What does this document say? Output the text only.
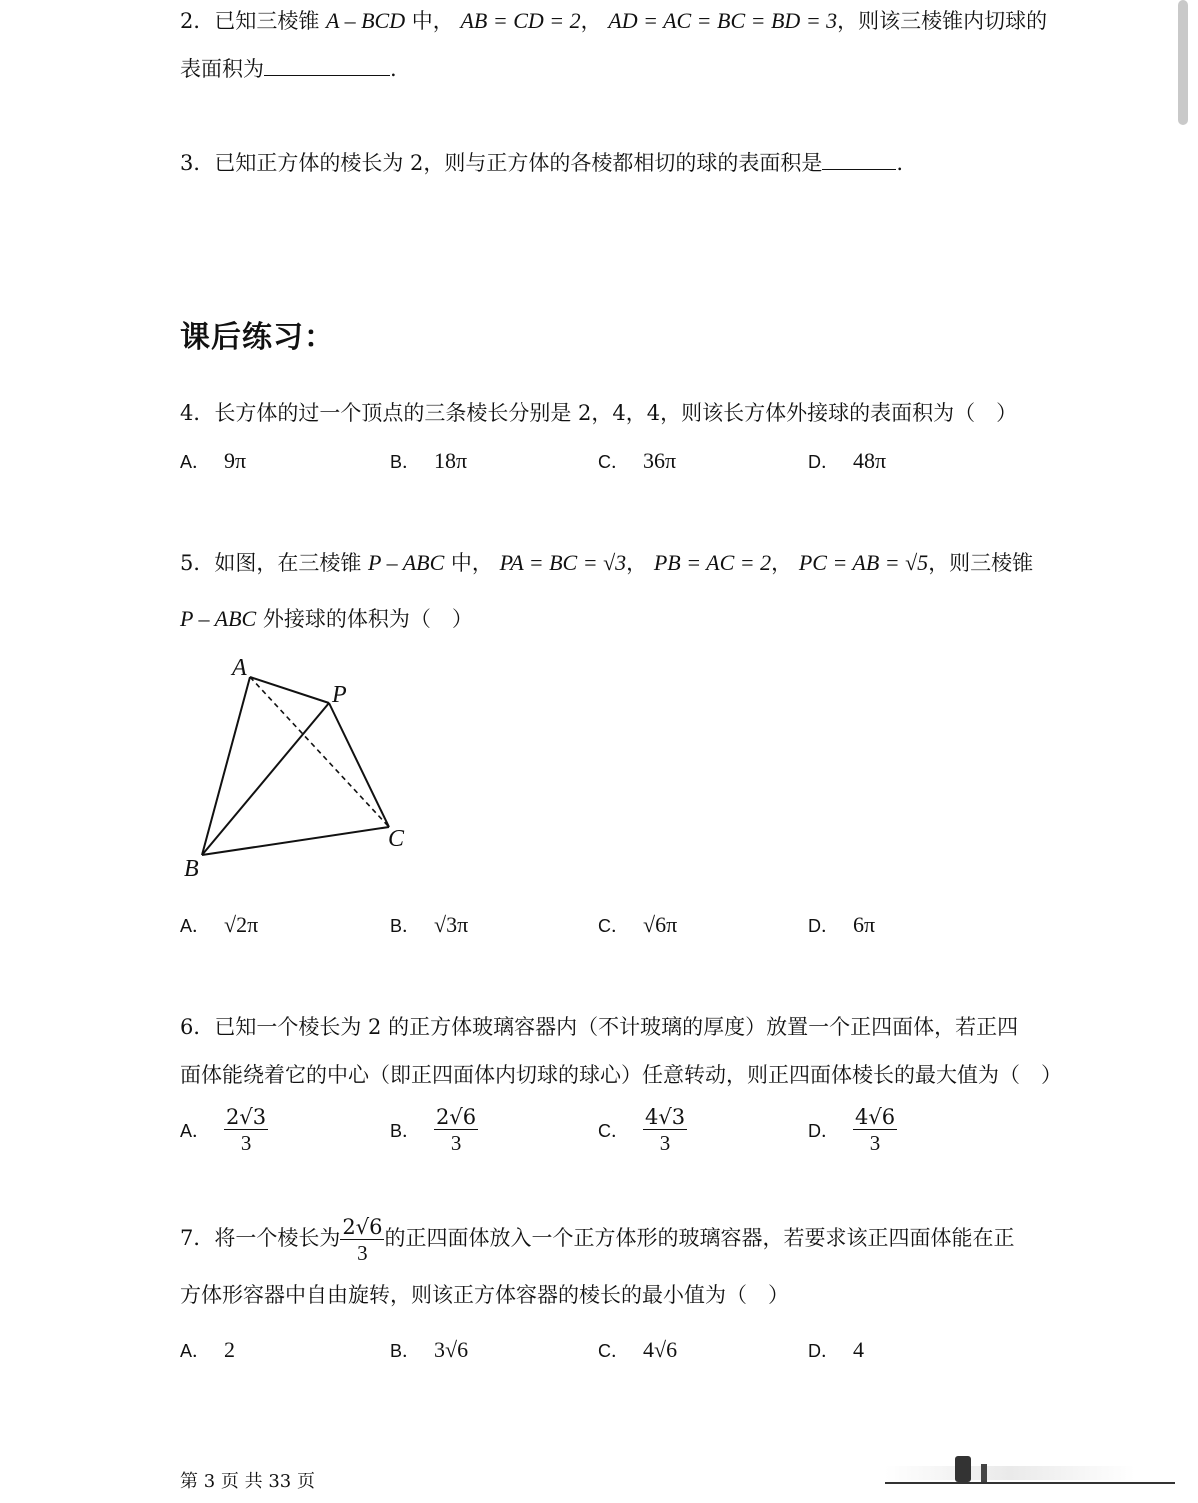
2．已知三棱锥 A – BCD 中， AB = CD = 2， AD = AC = BC = BD = 3，则该三棱锥内切球的
表面积为	.
3．已知正方体的棱长为 2，则与正方体的各棱都相切的球的表面积是	.
课后练习：
4．长方体的过一个顶点的三条棱长分别是 2，4，4，则该长方体外接球的表面积为（　）
A． 9π	B． 18π	C． 36π	D． 48π
5．如图，在三棱锥 P – ABC 中， PA = BC = √3， PB = AC = 2， PC = AB = √5，则三棱锥
P – ABC 外接球的体积为（　）
A
P
B
C
A． √2π	B． √3π	C． √6π	D． 6π
6．已知一个棱长为 2 的正方体玻璃容器内（不计玻璃的厚度）放置一个正四面体，若正四
面体能绕着它的中心（即正四面体内切球的球心）任意转动，则正四面体棱长的最大值为（　）
A． $\frac{2√3}{3}$	B． $\frac{2√6}{3}$	C． $\frac{4√3}{3}$	D． $\frac{4√6}{3}$
7．将一个棱长为 $\frac{2√6}{3}$ 的正四面体放入一个正方体形的玻璃容器，若要求该正四面体能在正
方体形容器中自由旋转，则该正方体容器的棱长的最小值为（　）
A． 2	B． 3√6	C． 4√6	D． 4
第 3 页 共 33 页
